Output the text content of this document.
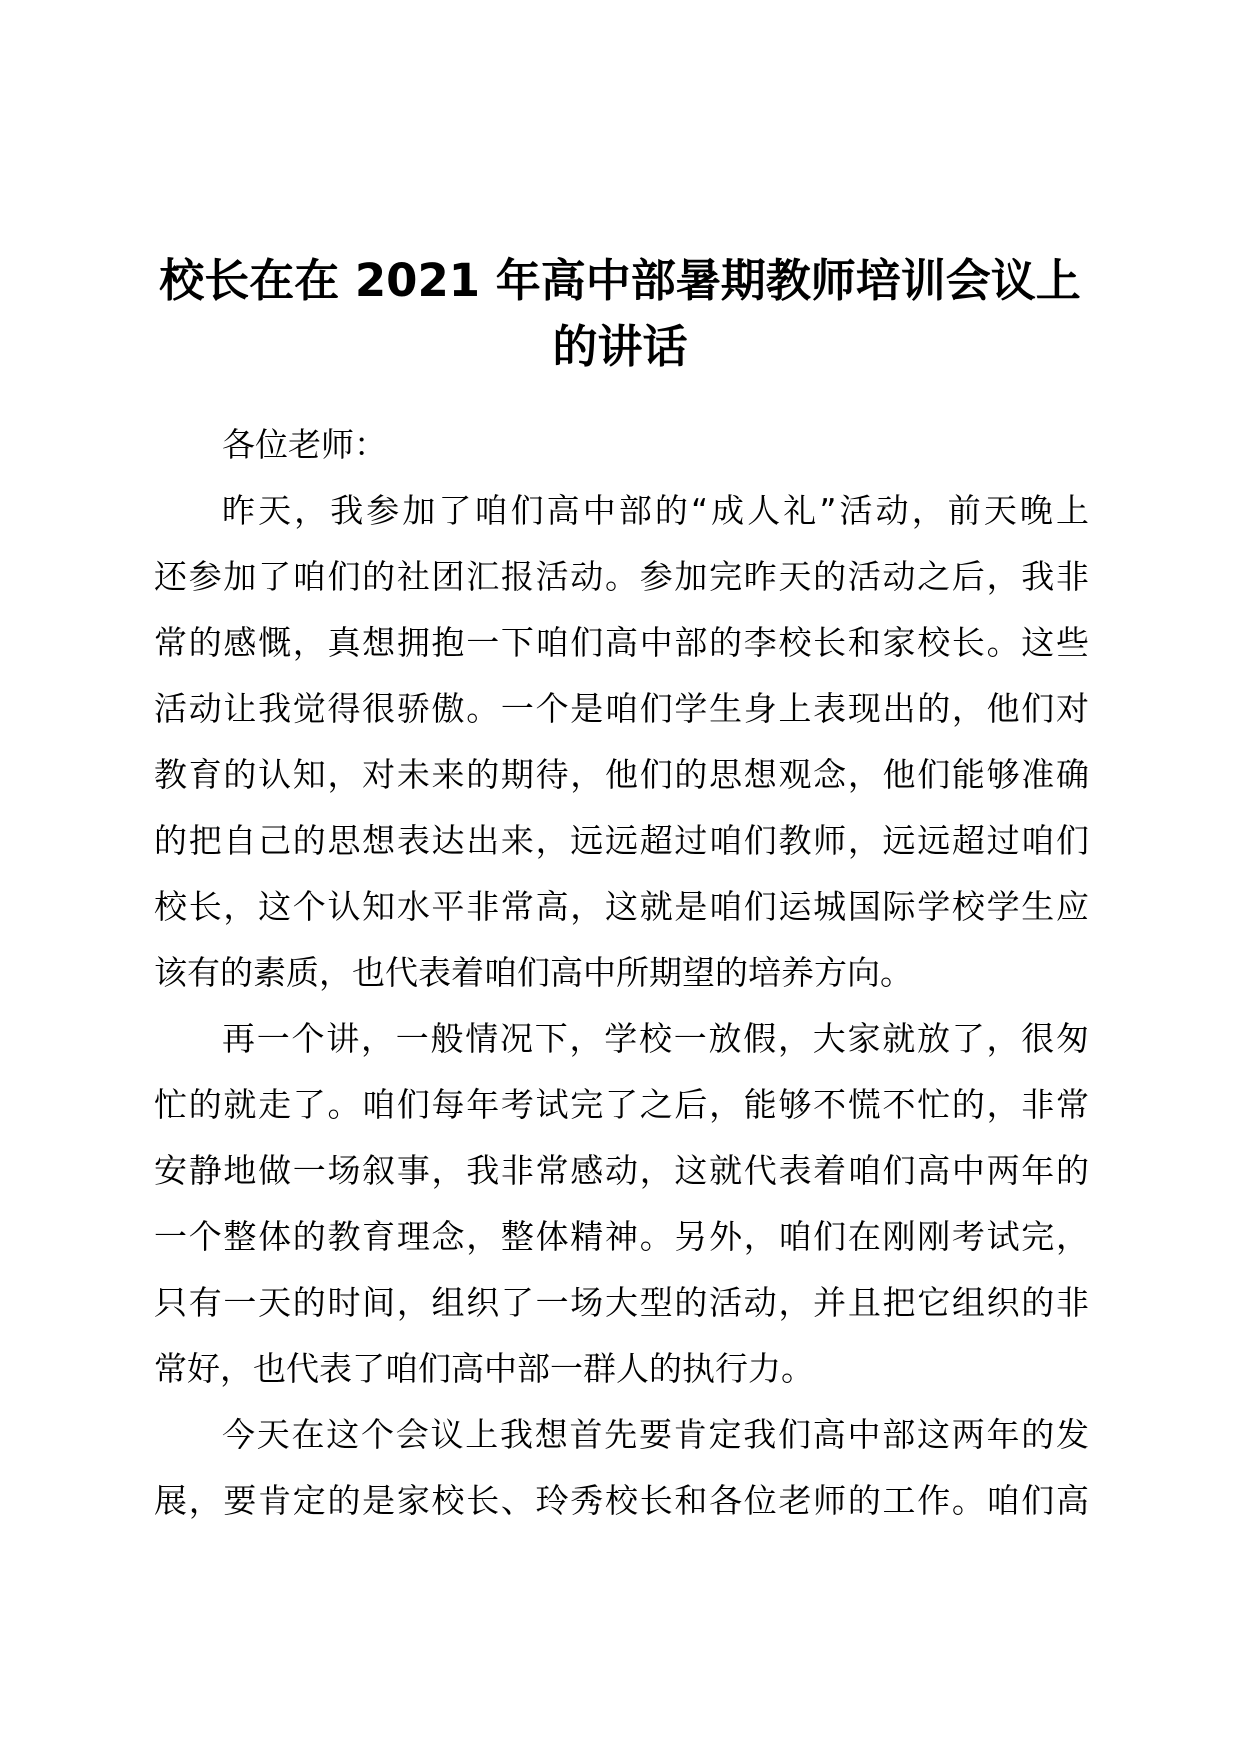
校长在在 2021 年高中部暑期教师培训会议上
的讲话
各位老师：
昨天，我参加了咱们高中部的“成人礼”活动，前天晚上
还参加了咱们的社团汇报活动。参加完昨天的活动之后，我非
常的感慨，真想拥抱一下咱们高中部的李校长和家校长。这些
活动让我觉得很骄傲。一个是咱们学生身上表现出的，他们对
教育的认知，对未来的期待，他们的思想观念，他们能够准确
的把自己的思想表达出来，远远超过咱们教师，远远超过咱们
校长，这个认知水平非常高，这就是咱们运城国际学校学生应
该有的素质，也代表着咱们高中所期望的培养方向。
再一个讲，一般情况下，学校一放假，大家就放了，很匆
忙的就走了。咱们每年考试完了之后，能够不慌不忙的，非常
安静地做一场叙事，我非常感动，这就代表着咱们高中两年的
一个整体的教育理念，整体精神。另外，咱们在刚刚考试完，
只有一天的时间，组织了一场大型的活动，并且把它组织的非
常好，也代表了咱们高中部一群人的执行力。
今天在这个会议上我想首先要肯定我们高中部这两年的发
展，要肯定的是家校长、玲秀校长和各位老师的工作。咱们高
